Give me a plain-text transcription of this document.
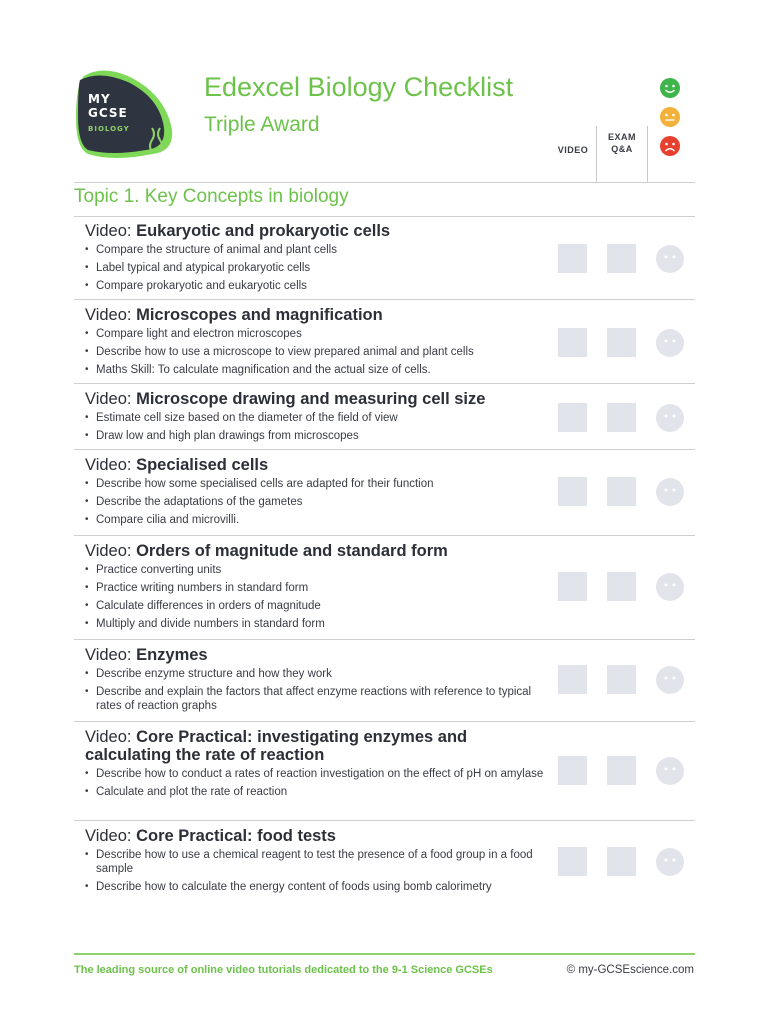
MY
GCSE
BIOLOGY
Edexcel Biology Checklist
Triple Award
VIDEO
EXAM
Q&A
Topic 1. Key Concepts in biology
Video: Eukaryotic and prokaryotic cells
• Compare the structure of animal and plant cells
• Label typical and atypical prokaryotic cells
• Compare prokaryotic and eukaryotic cells
Video: Microscopes and magnification
• Compare light and electron microscopes
• Describe how to use a microscope to view prepared animal and plant cells
• Maths Skill: To calculate magnification and the actual size of cells.
Video: Microscope drawing and measuring cell size
• Estimate cell size based on the diameter of the field of view
• Draw low and high plan drawings from microscopes
Video: Specialised cells
• Describe how some specialised cells are adapted for their function
• Describe the adaptations of the gametes
• Compare cilia and microvilli.
Video: Orders of magnitude and standard form
• Practice converting units
• Practice writing numbers in standard form
• Calculate differences in orders of magnitude
• Multiply and divide numbers in standard form
Video: Enzymes
• Describe enzyme structure and how they work
• Describe and explain the factors that affect enzyme reactions with reference to typical rates of reaction graphs
Video: Core Practical: investigating enzymes and calculating the rate of reaction
• Describe how to conduct a rates of reaction investigation on the effect of pH on amylase
• Calculate and plot the rate of reaction
Video: Core Practical: food tests
• Describe how to use a chemical reagent to test the presence of a food group in a food sample
• Describe how to calculate the energy content of foods using bomb calorimetry
The leading source of online video tutorials dedicated to the 9-1 Science GCSEs	© my-GCSEscience.com
